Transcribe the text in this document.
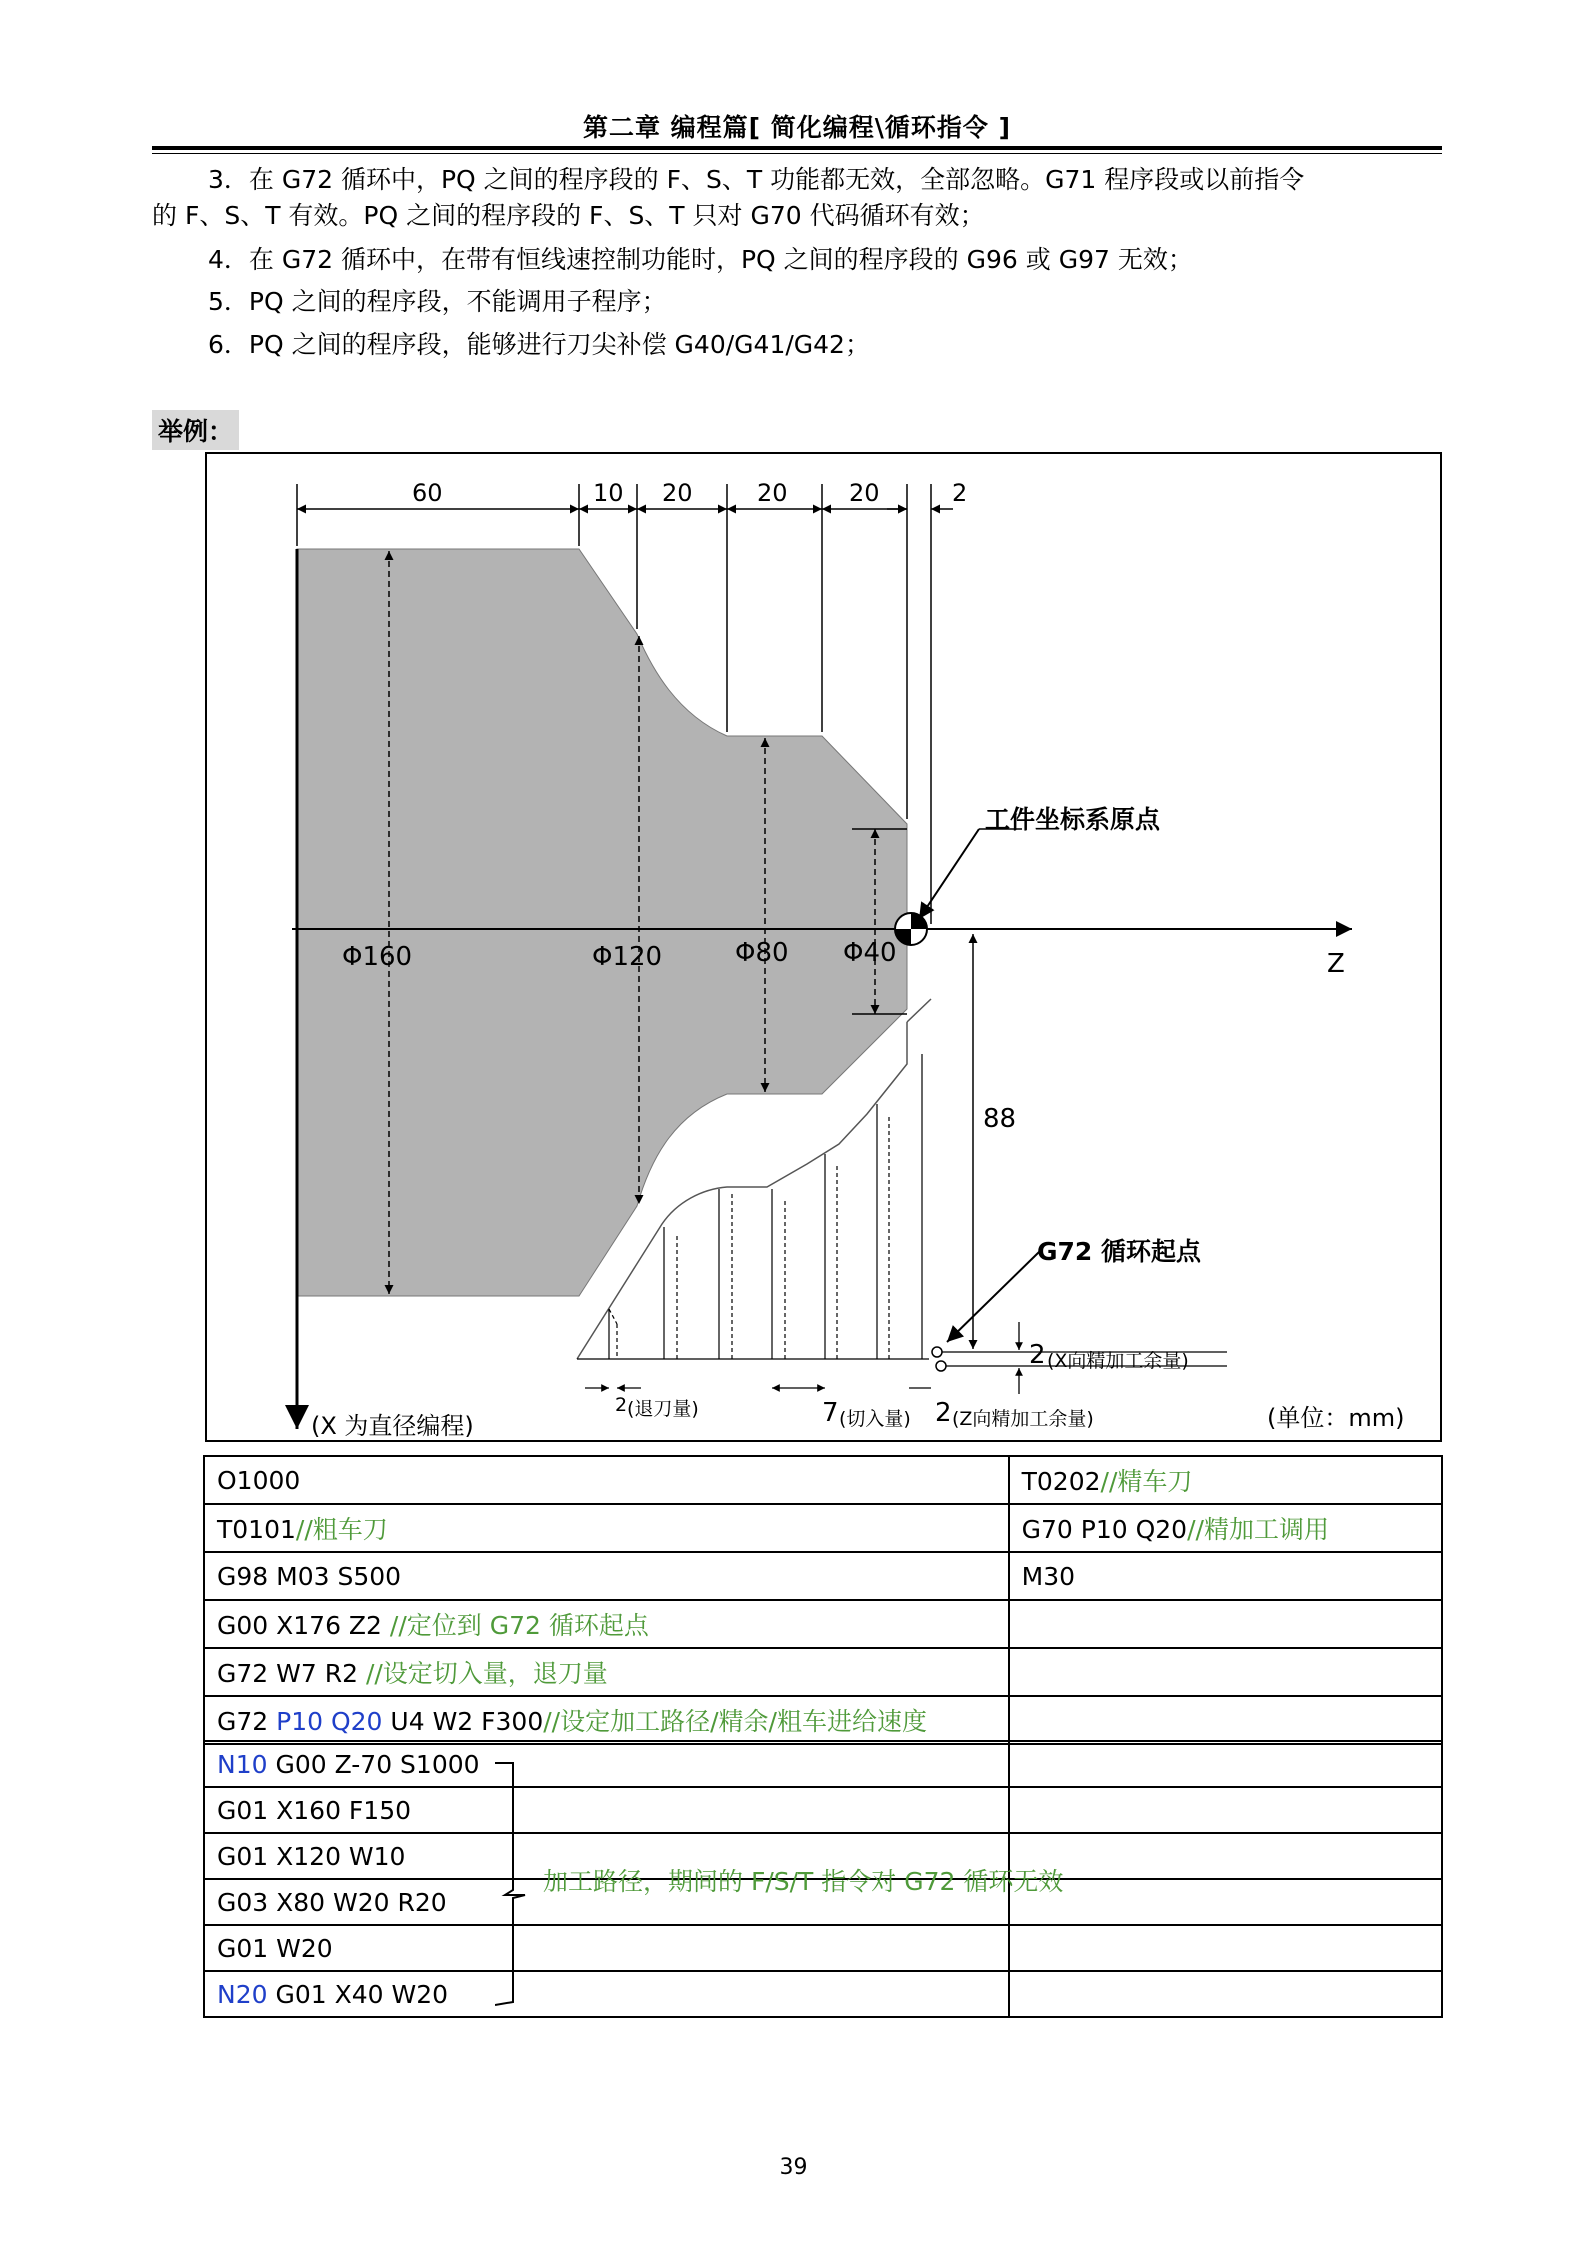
第二章 编程篇[ 简化编程\循环指令 ]
3．在 G72 循环中，PQ 之间的程序段的 F、S、T 功能都无效，全部忽略。G71 程序段或以前指令
的 F、S、T 有效。PQ 之间的程序段的 F、S、T 只对 G70 代码循环有效；
4．在 G72 循环中，在带有恒线速控制功能时，PQ 之间的程序段的 G96 或 G97 无效；
5．PQ 之间的程序段，不能调用子程序；
6．PQ 之间的程序段，能够进行刀尖补偿 G40/G41/G42；
举例：
60	10 20	20	20	2
Φ160	Φ120	Φ80 Φ40	Z
88
工件坐标系原点
G72 循环起点
2 (X向精加工余量)
2 (退刀量)	7 (切入量) 2 (Z向精加工余量)
(X 为直径编程)	(单位：mm)
O1000	T0202//精车刀
T0101//粗车刀	G70 P10 Q20//精加工调用
G98 M03 S500	M30
G00 X176 Z2 //定位到 G72 循环起点	
G72 W7 R2 //设定切入量，退刀量	
G72 P10 Q20 U4 W2 F300//设定加工路径/精余/粗车进给速度	
N10 G00 Z-70 S1000		
G01 X160 F150		
G01 X120 W10		
G03 X80 W20 R20		
G01 W20		
N20 G01 X40 W20		
加工路径，期间的 F/S/T 指令对 G72 循环无效
39
